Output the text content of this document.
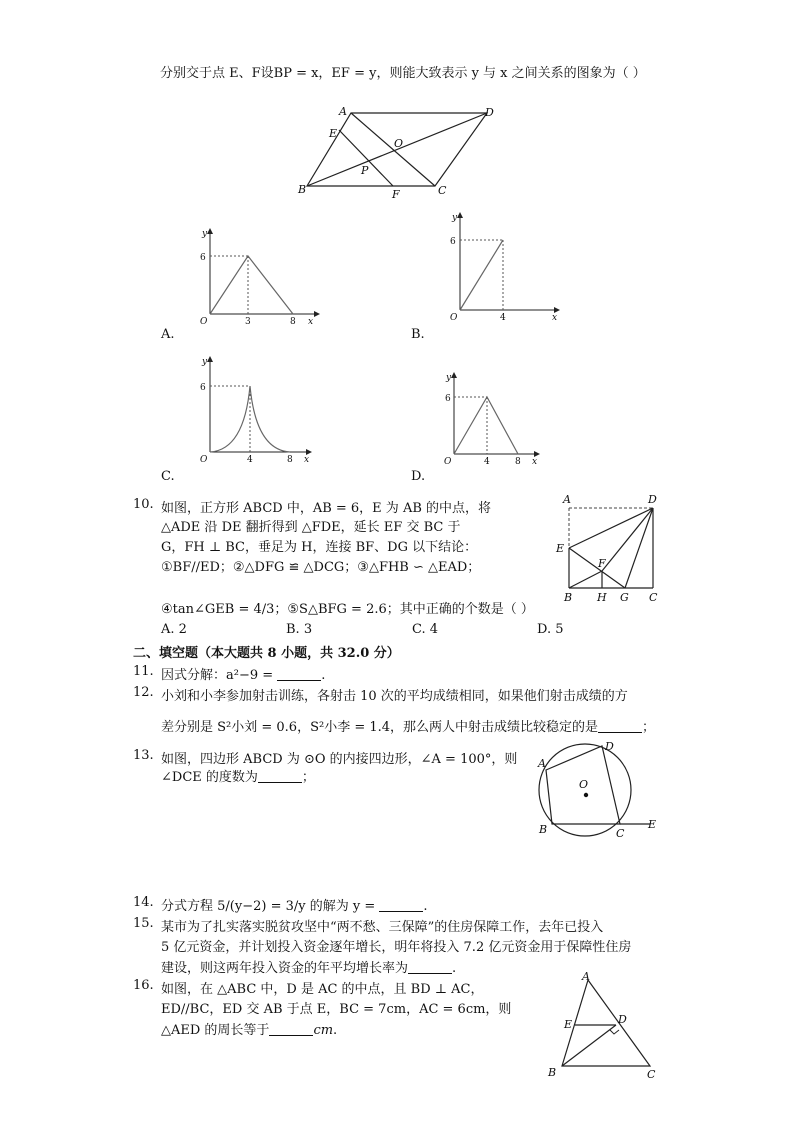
分别交于点 E、F设BP = x，EF = y，则能大致表示 y 与 x 之间关系的图象为（ ）
A	D
E
O
P
B	F	C
y
6
O	3	8 x
A.
y
6
O	4	x
B.
y
6
O	4	8 x
C.
y
6
O	4	8 x
D.
10. 如图，正方形 ABCD 中，AB = 6，E 为 AB 的中点，将
△ADE 沿 DE 翻折得到 △FDE，延长 EF 交 BC 于
G，FH ⊥ BC，垂足为 H，连接 BF、DG 以下结论：
①BF//ED；②△DFG ≌ △DCG；③△FHB ∽ △EAD；
④tan∠GEB = 4/3；⑤S△BFG = 2.6；其中正确的个数是（ ）
A. 2	B. 3	C. 4	D. 5
A	D
E
F
B H G C
二、填空题（本大题共 8 小题，共 32.0 分）
11. 因式分解：a²−9 =	.
12. 小刘和小李参加射击训练，各射击 10 次的平均成绩相同，如果他们射击成绩的方
差分别是 S²小刘 = 0.6，S²小李 = 1.4，那么两人中射击成绩比较稳定的是	；
13. 如图，四边形 ABCD 为 ⊙O 的内接四边形，∠A = 100°，则
∠DCE 的度数为	；
A
D
O
B	C
E
14. 分式方程 5/(y−2) = 3/y 的解为 y =	.
15. 某市为了扎实落实脱贫攻坚中“两不愁、三保障”的住房保障工作，去年已投入
5 亿元资金，并计划投入资金逐年增长，明年将投入 7.2 亿元资金用于保障性住房
建设，则这两年投入资金的年平均增长率为	.
16. 如图，在 △ABC 中，D 是 AC 的中点，且 BD ⊥ AC，
ED//BC，ED 交 AB 于点 E，BC = 7cm，AC = 6cm，则
△AED 的周长等于	cm.
A
E	D
B	C
